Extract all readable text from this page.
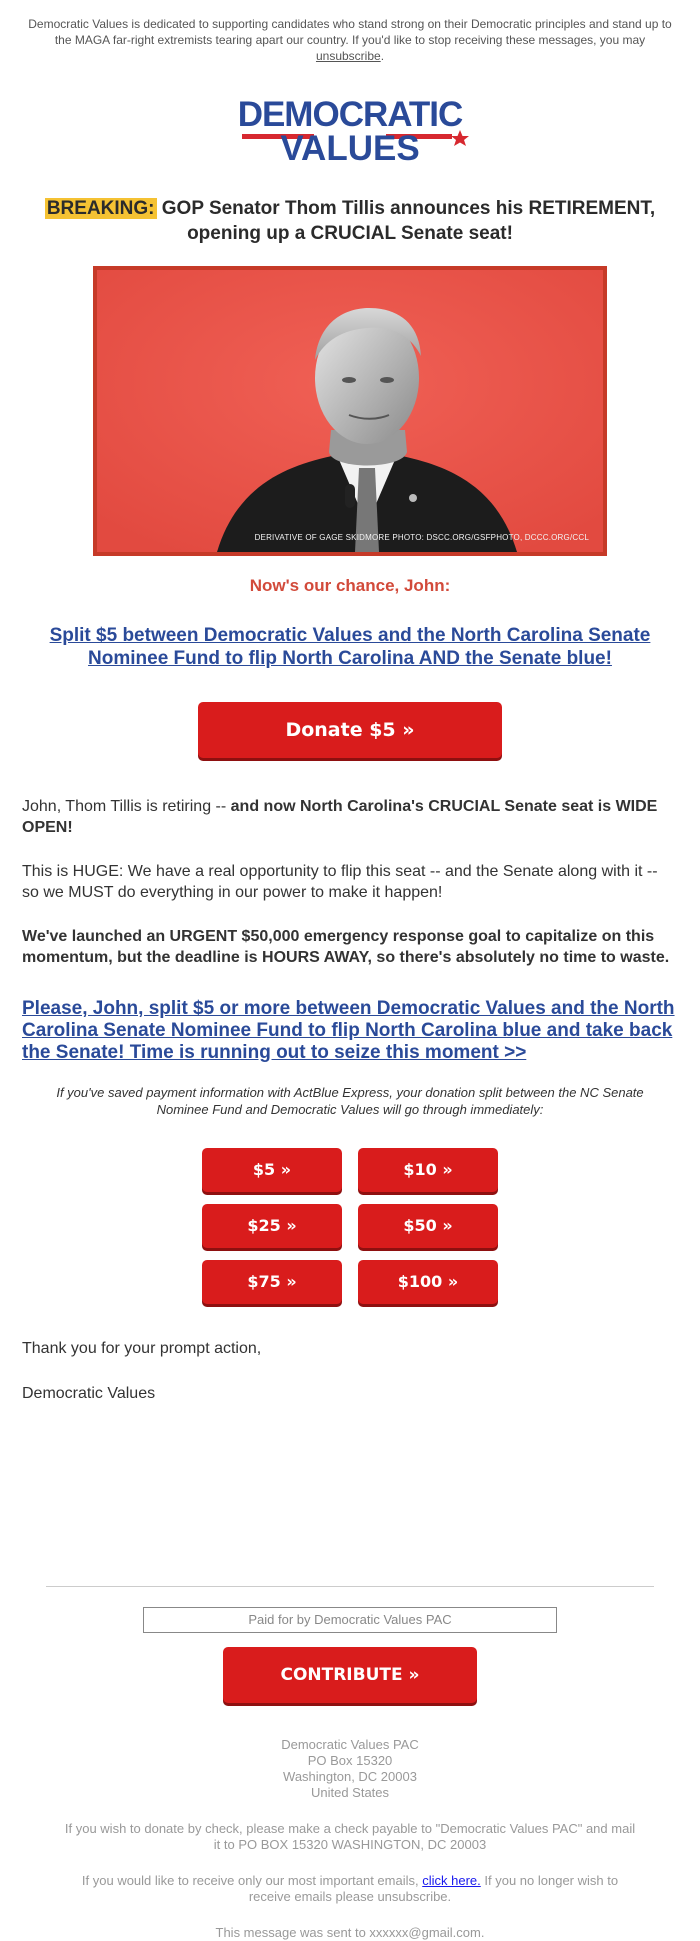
Democratic Values is dedicated to supporting candidates who stand strong on their Democratic principles and stand up to the MAGA far-right extremists tearing apart our country. If you'd like to stop receiving these messages, you may unsubscribe.
DEMOCRATIC
VALUES
BREAKING: GOP Senator Thom Tillis announces his RETIREMENT, opening up a CRUCIAL Senate seat!
DERIVATIVE OF GAGE SKIDMORE PHOTO: DSCC.ORG/GSFPHOTO, DCCC.ORG/CCL
Now's our chance, John:
Split $5 between Democratic Values and the North Carolina Senate Nominee Fund to flip North Carolina AND the Senate blue!
Donate $5 »
John, Thom Tillis is retiring -- and now North Carolina's CRUCIAL Senate seat is WIDE OPEN!
This is HUGE: We have a real opportunity to flip this seat -- and the Senate along with it -- so we MUST do everything in our power to make it happen!
We've launched an URGENT $50,000 emergency response goal to capitalize on this momentum, but the deadline is HOURS AWAY, so there's absolutely no time to waste.
Please, John, split $5 or more between Democratic Values and the North Carolina Senate Nominee Fund to flip North Carolina blue and take back the Senate! Time is running out to seize this moment >>
If you've saved payment information with ActBlue Express, your donation split between the NC Senate Nominee Fund and Democratic Values will go through immediately:
$5 »	$10 »
$25 »	$50 »
$75 »	$100 »
Thank you for your prompt action,
Democratic Values
Paid for by Democratic Values PAC
CONTRIBUTE »
Democratic Values PAC
PO Box 15320
Washington, DC 20003
United States
If you wish to donate by check, please make a check payable to "Democratic Values PAC" and mail it to PO BOX 15320 WASHINGTON, DC 20003
If you would like to receive only our most important emails, click here. If you no longer wish to receive emails please unsubscribe.
This message was sent to xxxxxx@gmail.com.
